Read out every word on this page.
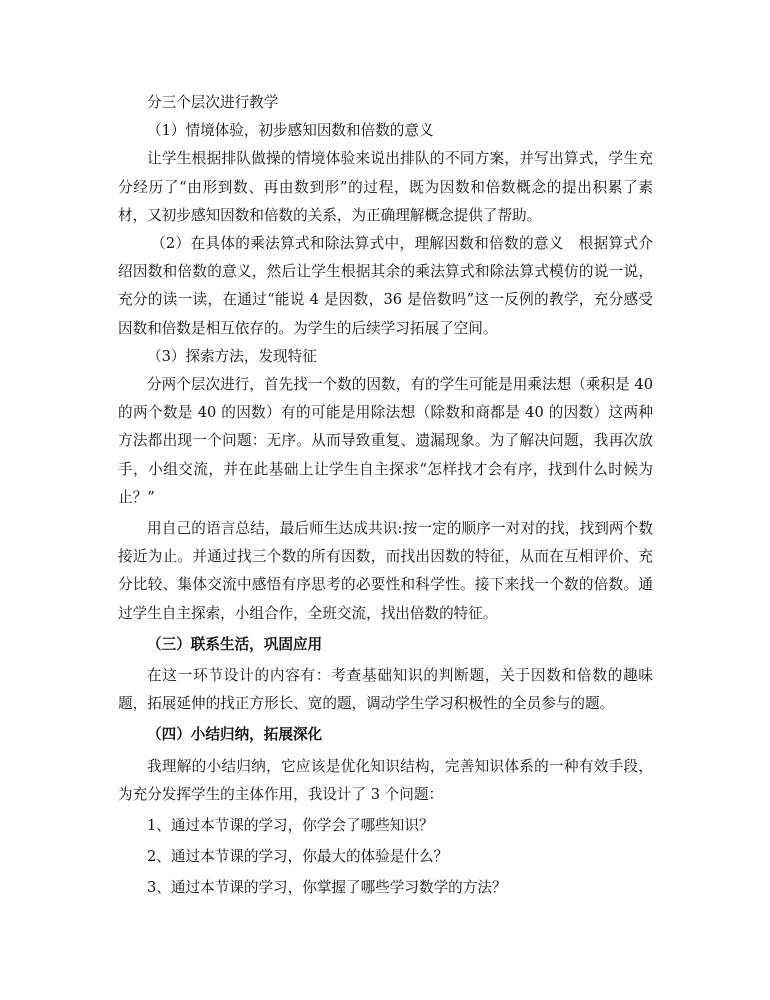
分三个层次进行教学

（1）情境体验，初步感知因数和倍数的意义

让学生根据排队做操的情境体验来说出排队的不同方案，并写出算式，学生充分经历了“由形到数、再由数到形”的过程，既为因数和倍数概念的提出积累了素材，又初步感知因数和倍数的关系，为正确理解概念提供了帮助。

（2）在具体的乘法算式和除法算式中，理解因数和倍数的意义　根据算式介绍因数和倍数的意义，然后让学生根据其余的乘法算式和除法算式模仿的说一说，充分的读一读，在通过“能说 4 是因数，36 是倍数吗”这一反例的教学，充分感受因数和倍数是相互依存的。为学生的后续学习拓展了空间。

（3）探索方法，发现特征

分两个层次进行，首先找一个数的因数，有的学生可能是用乘法想（乘积是 40 的两个数是 40 的因数）有的可能是用除法想（除数和商都是 40 的因数）这两种方法都出现一个问题：无序。从而导致重复、遗漏现象。为了解决问题，我再次放手，小组交流，并在此基础上让学生自主探求“怎样找才会有序，找到什么时候为止？”

用自己的语言总结，最后师生达成共识:按一定的顺序一对对的找，找到两个数接近为止。并通过找三个数的所有因数，而找出因数的特征，从而在互相评价、充分比较、集体交流中感悟有序思考的必要性和科学性。接下来找一个数的倍数。通过学生自主探索，小组合作，全班交流，找出倍数的特征。

（三）联系生活，巩固应用

在这一环节设计的内容有：考查基础知识的判断题，关于因数和倍数的趣味题，拓展延伸的找正方形长、宽的题，调动学生学习积极性的全员参与的题。

（四）小结归纳，拓展深化

我理解的小结归纳，它应该是优化知识结构，完善知识体系的一种有效手段，为充分发挥学生的主体作用，我设计了 3 个问题：

1、通过本节课的学习，你学会了哪些知识？

2、通过本节课的学习，你最大的体验是什么？

3、通过本节课的学习，你掌握了哪些学习数学的方法？
